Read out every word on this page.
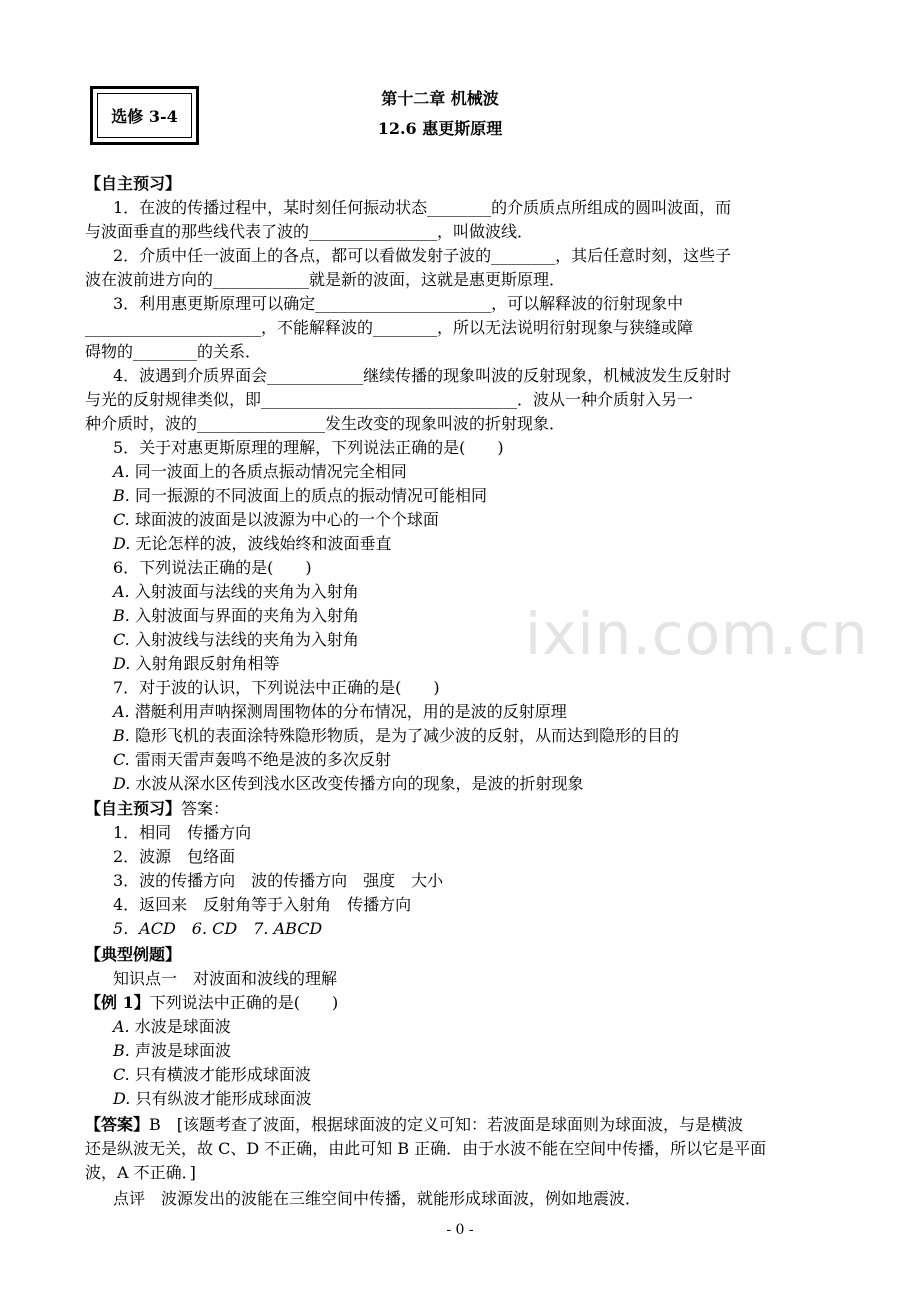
选修 3-4
第十二章 机械波
12.6 惠更斯原理
ixin.com.cn
【自主预习】
1．在波的传播过程中，某时刻任何振动状态________的介质质点所组成的圆叫波面，而
与波面垂直的那些线代表了波的________________，叫做波线．
2．介质中任一波面上的各点，都可以看做发射子波的________，其后任意时刻，这些子
波在波前进方向的____________就是新的波面，这就是惠更斯原理．
3．利用惠更斯原理可以确定______________________，可以解释波的衍射现象中
______________________，不能解释波的________，所以无法说明衍射现象与狭缝或障
碍物的________的关系．
4．波遇到介质界面会____________继续传播的现象叫波的反射现象，机械波发生反射时
与光的反射规律类似，即________________________________．波从一种介质射入另一
种介质时，波的________________发生改变的现象叫波的折射现象．
5．关于对惠更斯原理的理解，下列说法正确的是(　　)
A. 同一波面上的各质点振动情况完全相同
B. 同一振源的不同波面上的质点的振动情况可能相同
C. 球面波的波面是以波源为中心的一个个球面
D. 无论怎样的波，波线始终和波面垂直
6．下列说法正确的是(　　)
A. 入射波面与法线的夹角为入射角
B. 入射波面与界面的夹角为入射角
C. 入射波线与法线的夹角为入射角
D. 入射角跟反射角相等
7．对于波的认识，下列说法中正确的是(　　)
A. 潜艇利用声呐探测周围物体的分布情况，用的是波的反射原理
B. 隐形飞机的表面涂特殊隐形物质，是为了减少波的反射，从而达到隐形的目的
C. 雷雨天雷声轰鸣不绝是波的多次反射
D. 水波从深水区传到浅水区改变传播方向的现象，是波的折射现象
【自主预习】答案：
1．相同　传播方向
2．波源　包络面
3．波的传播方向　波的传播方向　强度　大小
4．返回来　反射角等于入射角　传播方向
5．ACD　6. CD　7. ABCD
【典型例题】
知识点一　对波面和波线的理解
【例 1】下列说法中正确的是(　　)
A. 水波是球面波
B. 声波是球面波
C. 只有横波才能形成球面波
D. 只有纵波才能形成球面波
【答案】B　[该题考查了波面，根据球面波的定义可知：若波面是球面则为球面波，与是横波
还是纵波无关，故 C、D 不正确，由此可知 B 正确．由于水波不能在空间中传播，所以它是平面
波，A 不正确．]
点评　波源发出的波能在三维空间中传播，就能形成球面波，例如地震波．
- 0 -
